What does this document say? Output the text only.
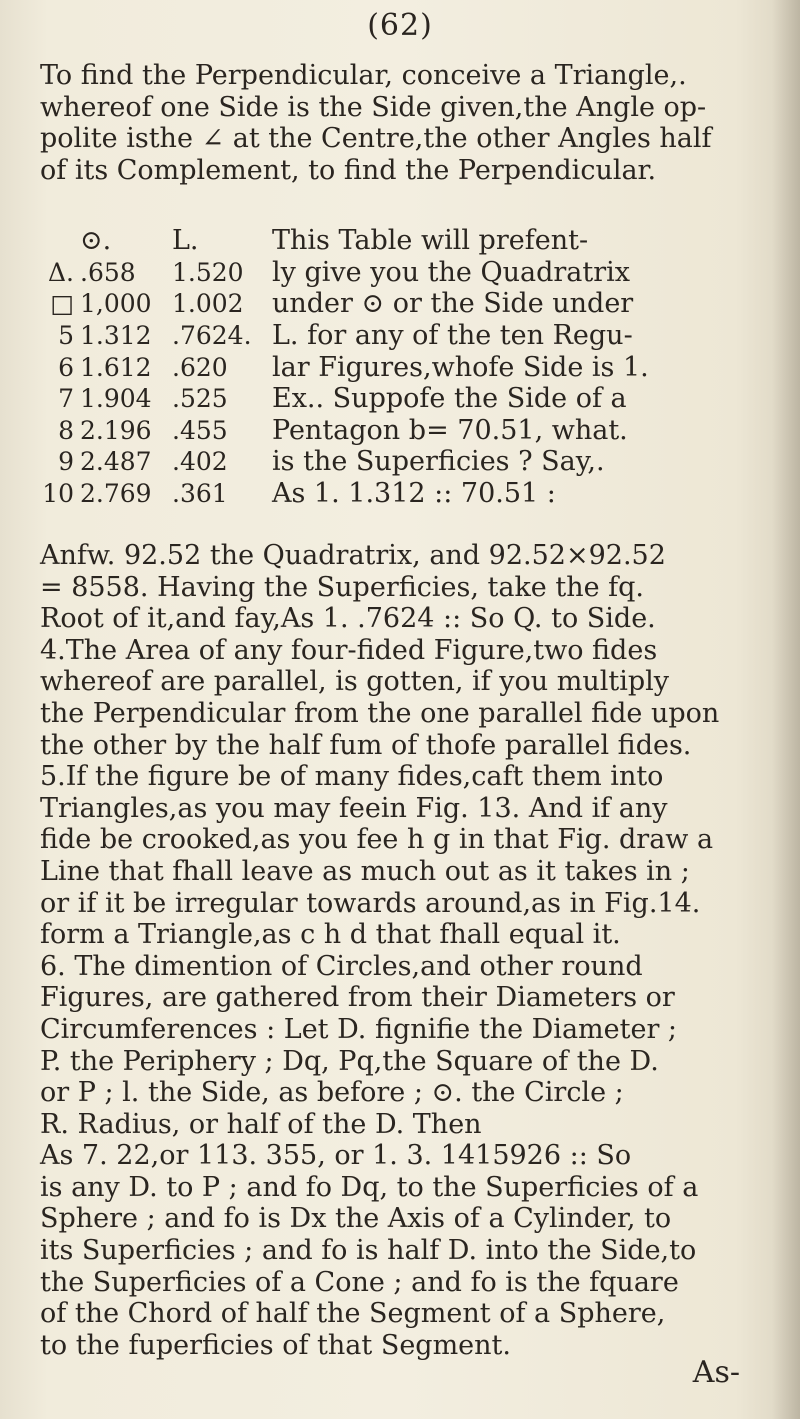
(62)
To find the Perpendicular, conceive a Triangle,.
whereof one Side is the Side given,the Angle op-
polite isthe ∠ at the Centre,the other Angles half
of its Complement, to find the Perpendicular.
⊙.	L.	This Table will prefent-
Δ. .658	1.520	ly give you the Quadratrix
□ 1,000 1.002	under ⊙ or the Side under
5 1.312 .7624. L. for any of the ten Regu-
6 1.612 .620	lar Figures,whofe Side is 1.
7 1.904 .525	Ex.. Suppofe the Side of a
8 2.196 .455	Pentagon b= 70.51, what.
9 2.487 .402	is the Superficies ? Say,.
10 2.769 .361	As 1. 1.312 :: 70.51 :
Anfw. 92.52 the Quadratrix, and 92.52×92.52
= 8558. Having the Superficies, take the fq.
Root of it,and fay,As 1. .7624 :: So Q. to Side.
4.The Area of any four-fided Figure,two fides
whereof are parallel, is gotten, if you multiply
the Perpendicular from the one parallel fide upon
the other by the half fum of thofe parallel fides.
5.If the figure be of many fides,caft them into
Triangles,as you may feein Fig. 13. And if any
fide be crooked,as you fee h g in that Fig. draw a
Line that fhall leave as much out as it takes in ;
or if it be irregular towards around,as in Fig.14.
form a Triangle,as c h d that fhall equal it.
6. The dimention of Circles,and other round
Figures, are gathered from their Diameters or
Circumferences : Let D. fignifie the Diameter ;
P. the Periphery ; Dq, Pq,the Square of the D.
or P ; l. the Side, as before ; ⊙. the Circle ;
R. Radius, or half of the D. Then
As 7. 22,or 113. 355, or 1. 3. 1415926 :: So
is any D. to P ; and fo Dq, to the Superficies of a
Sphere ; and fo is Dx the Axis of a Cylinder, to
its Superficies ; and fo is half D. into the Side,to
the Superficies of a Cone ; and fo is the fquare
of the Chord of half the Segment of a Sphere,
to the fuperficies of that Segment.
As-
